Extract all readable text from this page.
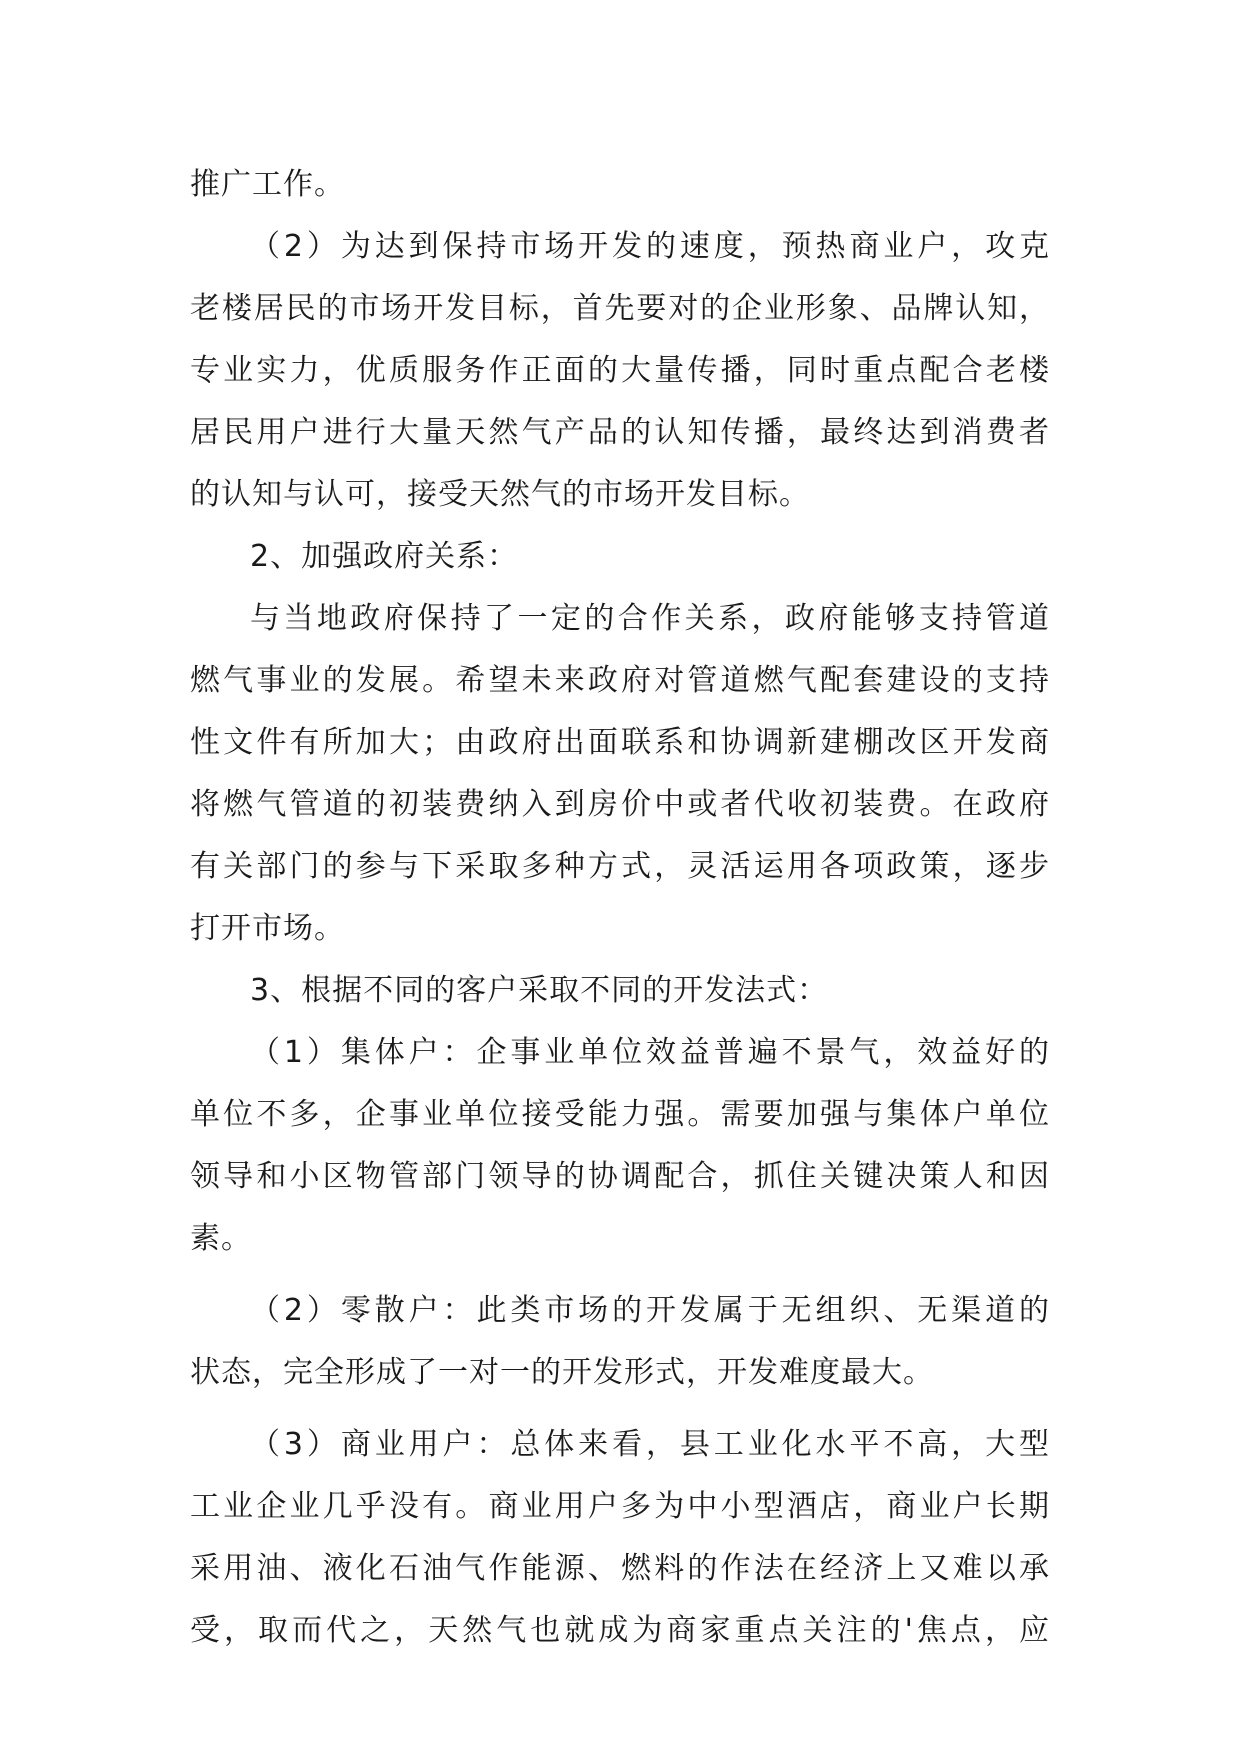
推广工作。
（2）为达到保持市场开发的速度，预热商业户，攻克
老楼居民的市场开发目标，首先要对的企业形象、品牌认知，
专业实力，优质服务作正面的大量传播，同时重点配合老楼
居民用户进行大量天然气产品的认知传播，最终达到消费者
的认知与认可，接受天然气的市场开发目标。
2、加强政府关系：
与当地政府保持了一定的合作关系，政府能够支持管道
燃气事业的发展。希望未来政府对管道燃气配套建设的支持
性文件有所加大；由政府出面联系和协调新建棚改区开发商
将燃气管道的初装费纳入到房价中或者代收初装费。在政府
有关部门的参与下采取多种方式，灵活运用各项政策，逐步
打开市场。
3、根据不同的客户采取不同的开发法式：
（1）集体户：企事业单位效益普遍不景气，效益好的
单位不多，企事业单位接受能力强。需要加强与集体户单位
领导和小区物管部门领导的协调配合，抓住关键决策人和因
素。
（2）零散户：此类市场的开发属于无组织、无渠道的
状态，完全形成了一对一的开发形式，开发难度最大。
（3）商业用户：总体来看，县工业化水平不高，大型
工业企业几乎没有。商业用户多为中小型酒店，商业户长期
采用油、液化石油气作能源、燃料的作法在经济上又难以承
受，取而代之，天然气也就成为商家重点关注的'焦点，应
